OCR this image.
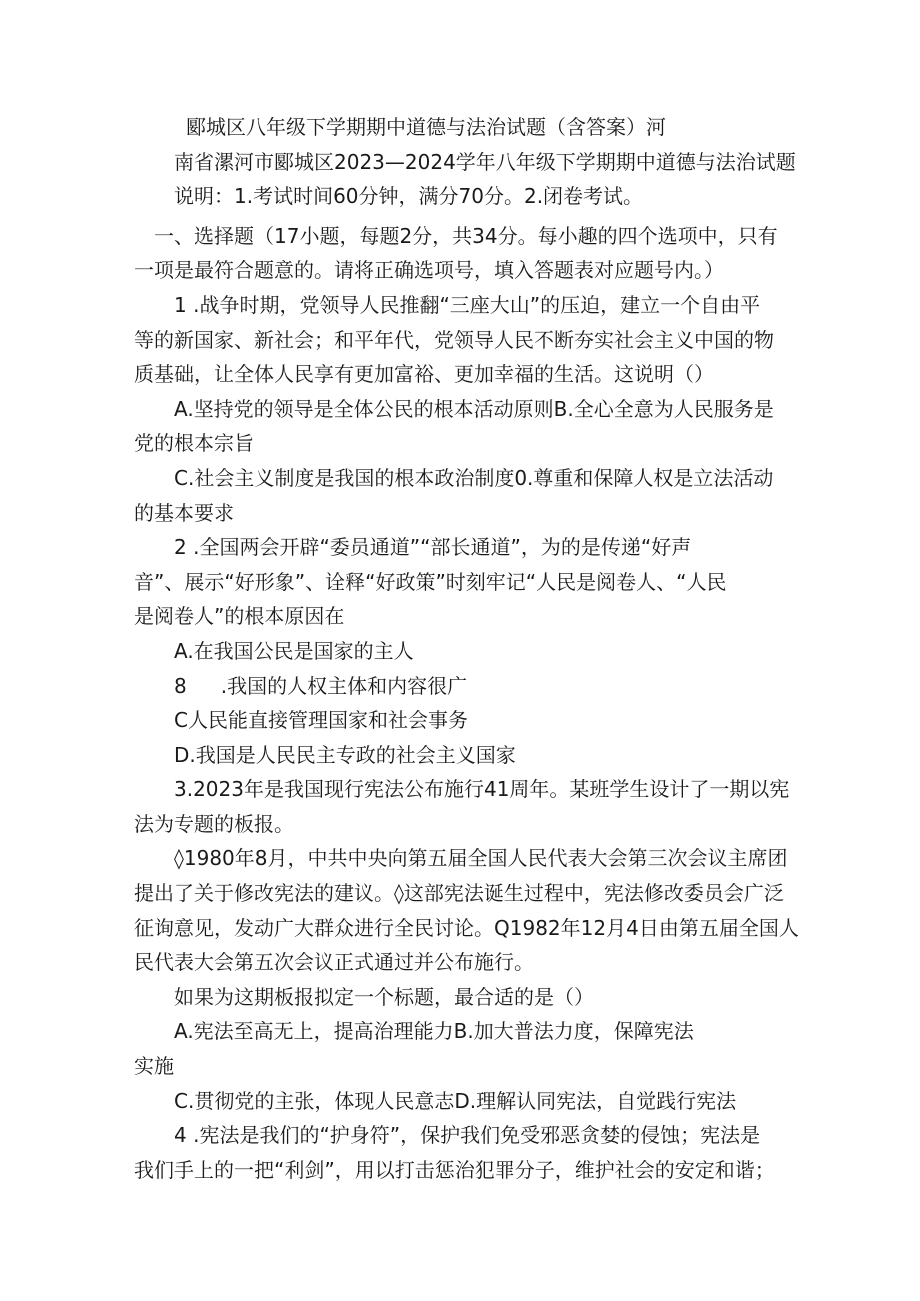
郾城区八年级下学期期中道德与法治试题（含答案）河
南省漯河市郾城区2023—2024学年八年级下学期期中道德与法治试题
说明：1.考试时间60分钟，满分70分。2.闭卷考试。
一、选择题（17小题，每题2分，共34分。每小趣的四个选项中，只有
一项是最符合题意的。请将正确选项号，填入答题表对应题号内。）
1 .战争时期，党领导人民推翻“三座大山”的压迫，建立一个自由平
等的新国家、新社会；和平年代，党领导人民不断夯实社会主义中国的物
质基础，让全体人民享有更加富裕、更加幸福的生活。这说明（）
A.坚持党的领导是全体公民的根本活动原则B.全心全意为人民服务是
党的根本宗旨
C.社会主义制度是我国的根本政治制度0.尊重和保障人权是立法活动
的基本要求
2 .全国两会开辟“委员通道”“部长通道”，为的是传递“好声
音”、展示“好形象”、诠释“好政策”时刻牢记“人民是阅卷人、“人民
是阅卷人”的根本原因在
A.在我国公民是国家的主人
8 .我国的人权主体和内容很广
C人民能直接管理国家和社会事务
D.我国是人民民主专政的社会主义国家
3.2023年是我国现行宪法公布施行41周年。某班学生设计了一期以宪
法为专题的板报。
◊1980年8月，中共中央向第五届全国人民代表大会第三次会议主席团
提出了关于修改宪法的建议。◊这部宪法诞生过程中，宪法修改委员会广泛
征询意见，发动广大群众进行全民讨论。Q1982年12月4日由第五届全国人
民代表大会第五次会议正式通过并公布施行。
如果为这期板报拟定一个标题，最合适的是（）
A.宪法至高无上，提高治理能力B.加大普法力度，保障宪法
实施
C.贯彻党的主张，体现人民意志D.理解认同宪法，自觉践行宪法
4 .宪法是我们的“护身符”，保护我们免受邪恶贪婪的侵蚀；宪法是
我们手上的一把“利剑”，用以打击惩治犯罪分子，维护社会的安定和谐；
